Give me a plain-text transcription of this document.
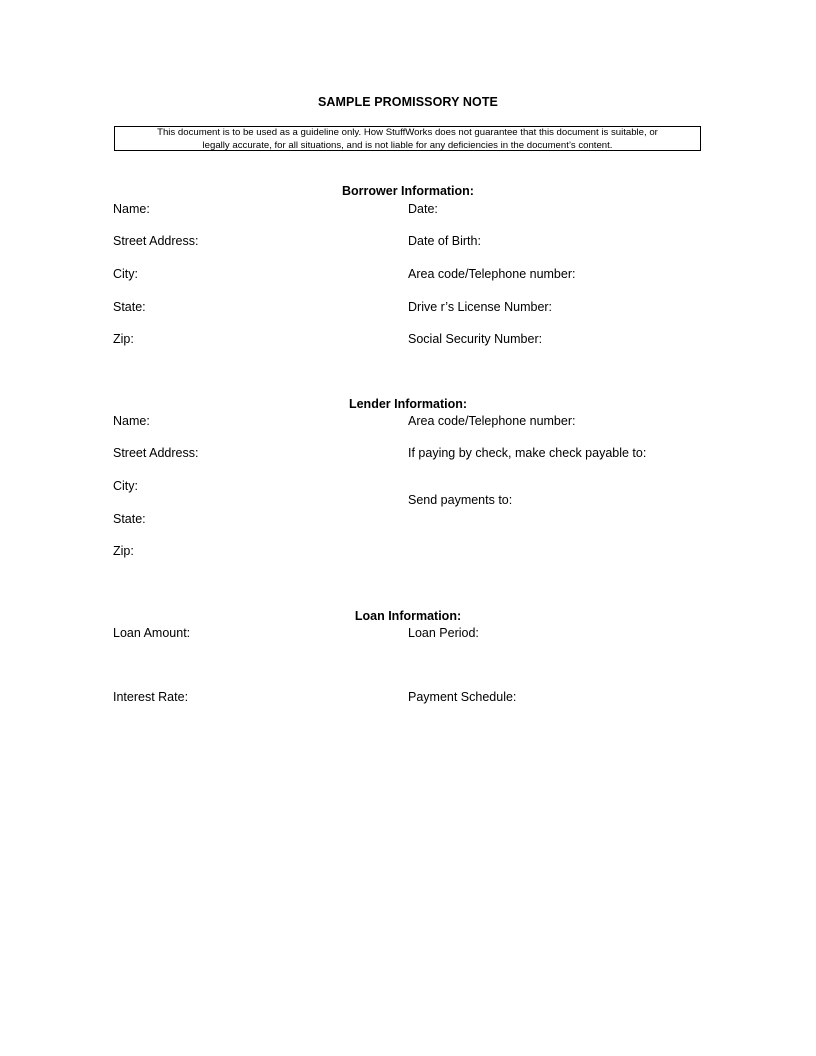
SAMPLE PROMISSORY NOTE
This document is to be used as a guideline only. How StuffWorks does not guarantee that this document is suitable, or
legally accurate, for all situations, and is not liable for any deficiencies in the document’s content.
Borrower Information:
Name:	Date:
Street Address:	Date of Birth:
City:	Area code/Telephone number:
State:	Drive r’s License Number:
Zip:	Social Security Number:
Lender Information:
Name:	Area code/Telephone number:
Street Address:	If paying by check, make check payable to:
City:
Send payments to:
State:
Zip:
Loan Information:
Loan Amount:	Loan Period:
Interest Rate:	Payment Schedule:
